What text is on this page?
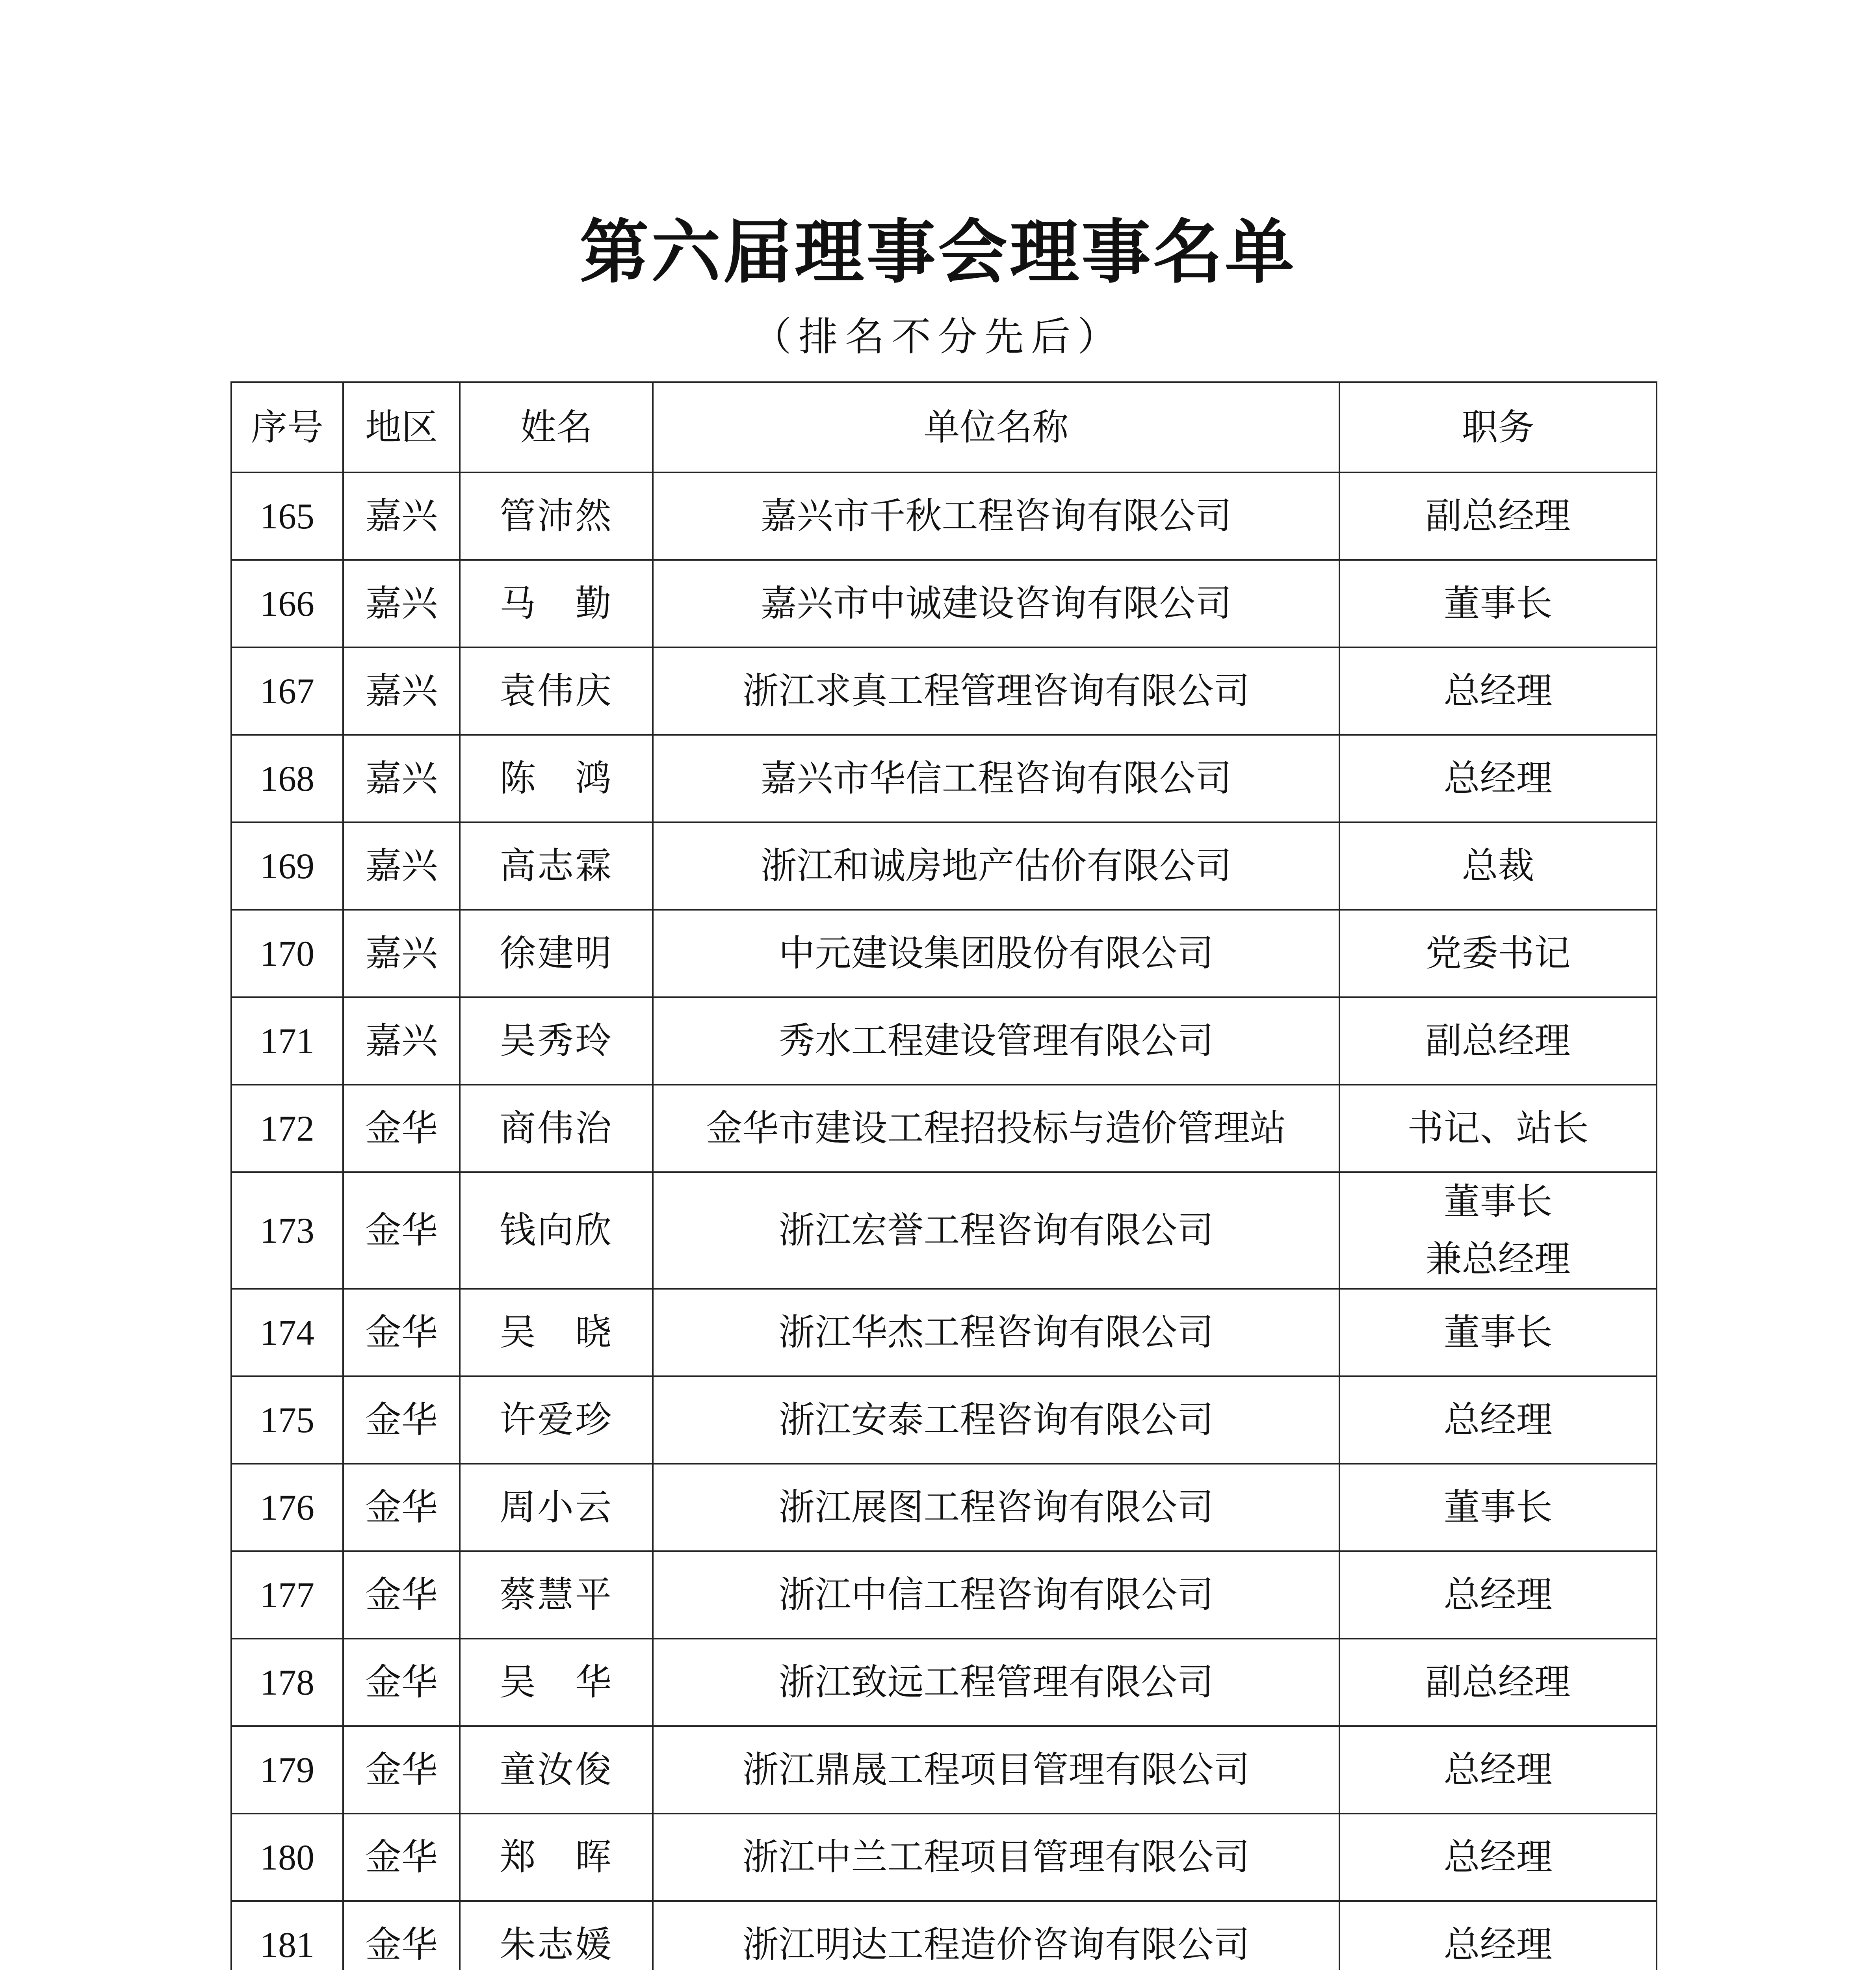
第六届理事会理事名单
（排名不分先后）
序号	地区	姓名	单位名称	职务
165	嘉兴	管沛然	嘉兴市千秋工程咨询有限公司	副总经理
166	嘉兴	马　勤	嘉兴市中诚建设咨询有限公司	董事长
167	嘉兴	袁伟庆	浙江求真工程管理咨询有限公司	总经理
168	嘉兴	陈　鸿	嘉兴市华信工程咨询有限公司	总经理
169	嘉兴	高志霖	浙江和诚房地产估价有限公司	总裁
170	嘉兴	徐建明	中元建设集团股份有限公司	党委书记
171	嘉兴	吴秀玲	秀水工程建设管理有限公司	副总经理
172	金华	商伟治	金华市建设工程招投标与造价管理站	书记、站长
173	金华	钱向欣	浙江宏誉工程咨询有限公司	董事长
兼总经理
174	金华	吴　晓	浙江华杰工程咨询有限公司	董事长
175	金华	许爱珍	浙江安泰工程咨询有限公司	总经理
176	金华	周小云	浙江展图工程咨询有限公司	董事长
177	金华	蔡慧平	浙江中信工程咨询有限公司	总经理
178	金华	吴　华	浙江致远工程管理有限公司	副总经理
179	金华	童汝俊	浙江鼎晟工程项目管理有限公司	总经理
180	金华	郑　晖	浙江中兰工程项目管理有限公司	总经理
181	金华	朱志媛	浙江明达工程造价咨询有限公司	总经理
